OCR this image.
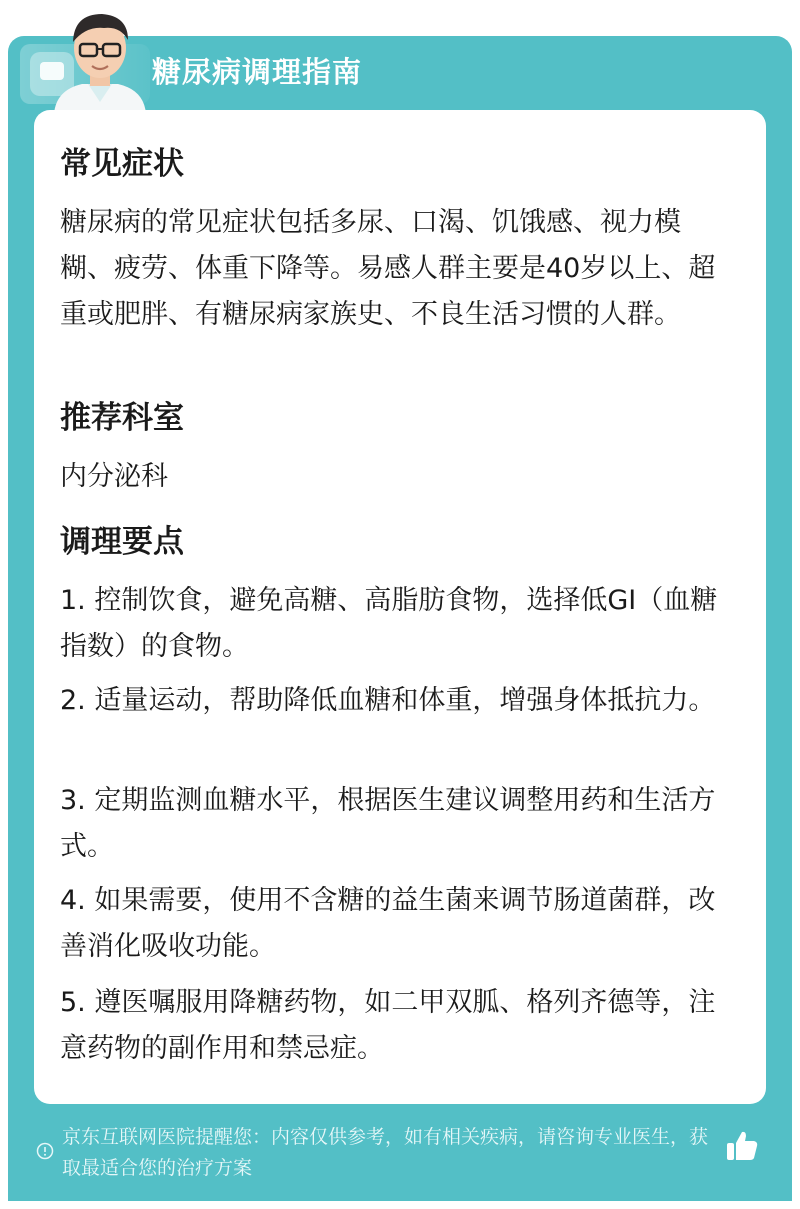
糖尿病调理指南
常见症状
糖尿病的常见症状包括多尿、口渴、饥饿感、视力模糊、疲劳、体重下降等。易感人群主要是40岁以上、超重或肥胖、有糖尿病家族史、不良生活习惯的人群。
推荐科室
内分泌科
调理要点
1. 控制饮食，避免高糖、高脂肪食物，选择低GI（血糖指数）的食物。
2. 适量运动，帮助降低血糖和体重，增强身体抵抗力。
3. 定期监测血糖水平，根据医生建议调整用药和生活方式。
4. 如果需要，使用不含糖的益生菌来调节肠道菌群，改善消化吸收功能。
5. 遵医嘱服用降糖药物，如二甲双胍、格列齐德等，注意药物的副作用和禁忌症。
京东互联网医院提醒您：内容仅供参考，如有相关疾病，请咨询专业医生，获取最适合您的治疗方案
